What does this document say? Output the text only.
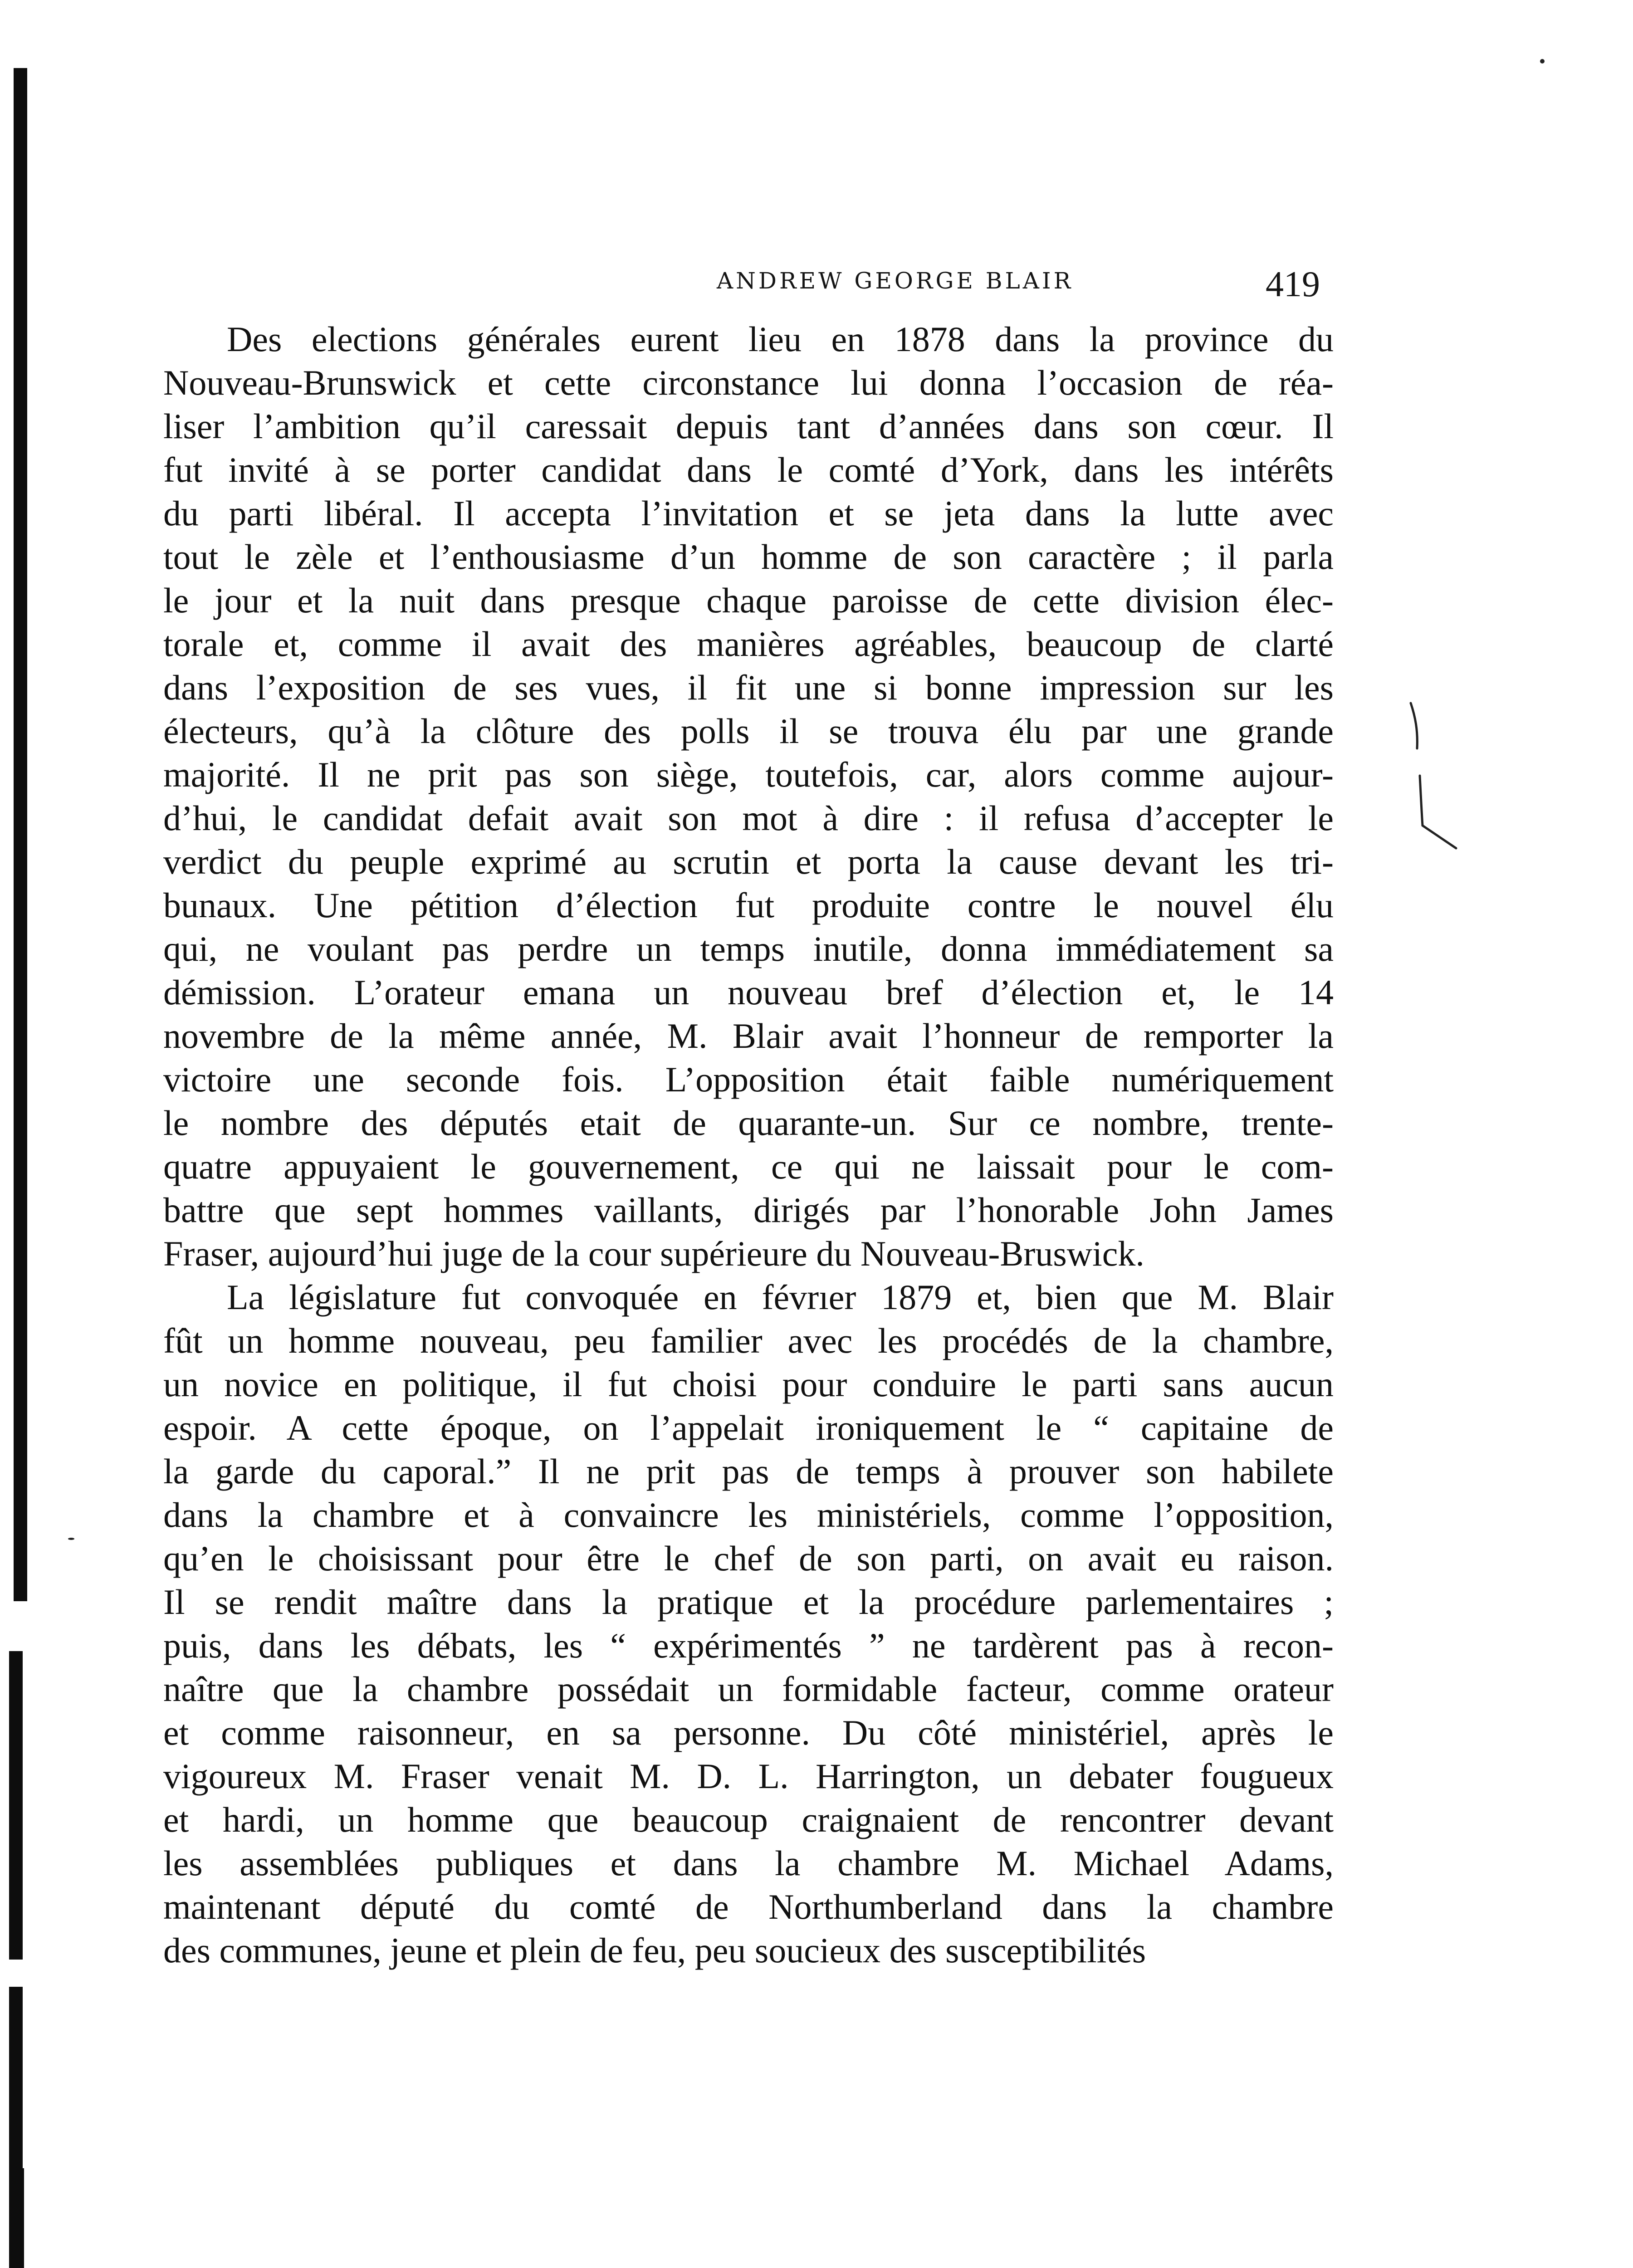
ANDREW GEORGE BLAIR	419
Des elections générales eurent lieu en 1878 dans la province du
Nouveau-Brunswick et cette circonstance lui donna l’occasion de réa-
liser l’ambition qu’il caressait depuis tant d’années dans son cœur. Il
fut invité à se porter candidat dans le comté d’York, dans les intérêts
du parti libéral. Il accepta l’invitation et se jeta dans la lutte avec
tout le zèle et l’enthousiasme d’un homme de son caractère ; il parla
le jour et la nuit dans presque chaque paroisse de cette division élec-
torale et, comme il avait des manières agréables, beaucoup de clarté
dans l’exposition de ses vues, il fit une si bonne impression sur les
électeurs, qu’à la clôture des polls il se trouva élu par une grande
majorité. Il ne prit pas son siège, toutefois, car, alors comme aujour-
d’hui, le candidat defait avait son mot à dire : il refusa d’accepter le
verdict du peuple exprimé au scrutin et porta la cause devant les tri-
bunaux. Une pétition d’élection fut produite contre le nouvel élu
qui, ne voulant pas perdre un temps inutile, donna immédiatement sa
démission. L’orateur emana un nouveau bref d’élection et, le 14
novembre de la même année, M. Blair avait l’honneur de remporter la
victoire une seconde fois. L’opposition était faible numériquement
le nombre des députés etait de quarante-un. Sur ce nombre, trente-
quatre appuyaient le gouvernement, ce qui ne laissait pour le com-
battre que sept hommes vaillants, dirigés par l’honorable John James
Fraser, aujourd’hui juge de la cour supérieure du Nouveau-Bruswick.
La législature fut convoquée en févrıer 1879 et, bien que M. Blair
fût un homme nouveau, peu familier avec les procédés de la chambre,
un novice en politique, il fut choisi pour conduire le parti sans aucun
espoir. A cette époque, on l’appelait ironiquement le “ capitaine de
la garde du caporal.” Il ne prit pas de temps à prouver son habilete
dans la chambre et à convaincre les ministériels, comme l’opposition,
qu’en le choisissant pour être le chef de son parti, on avait eu raison.
Il se rendit maître dans la pratique et la procédure parlementaires ;
puis, dans les débats, les “ expérimentés ” ne tardèrent pas à recon-
naître que la chambre possédait un formidable facteur, comme orateur
et comme raisonneur, en sa personne. Du côté ministériel, après le
vigoureux M. Fraser venait M. D. L. Harrington, un debater fougueux
et hardi, un homme que beaucoup craignaient de rencontrer devant
les assemblées publiques et dans la chambre M. Michael Adams,
maintenant député du comté de Northumberland dans la chambre
des communes, jeune et plein de feu, peu soucieux des susceptibilités
